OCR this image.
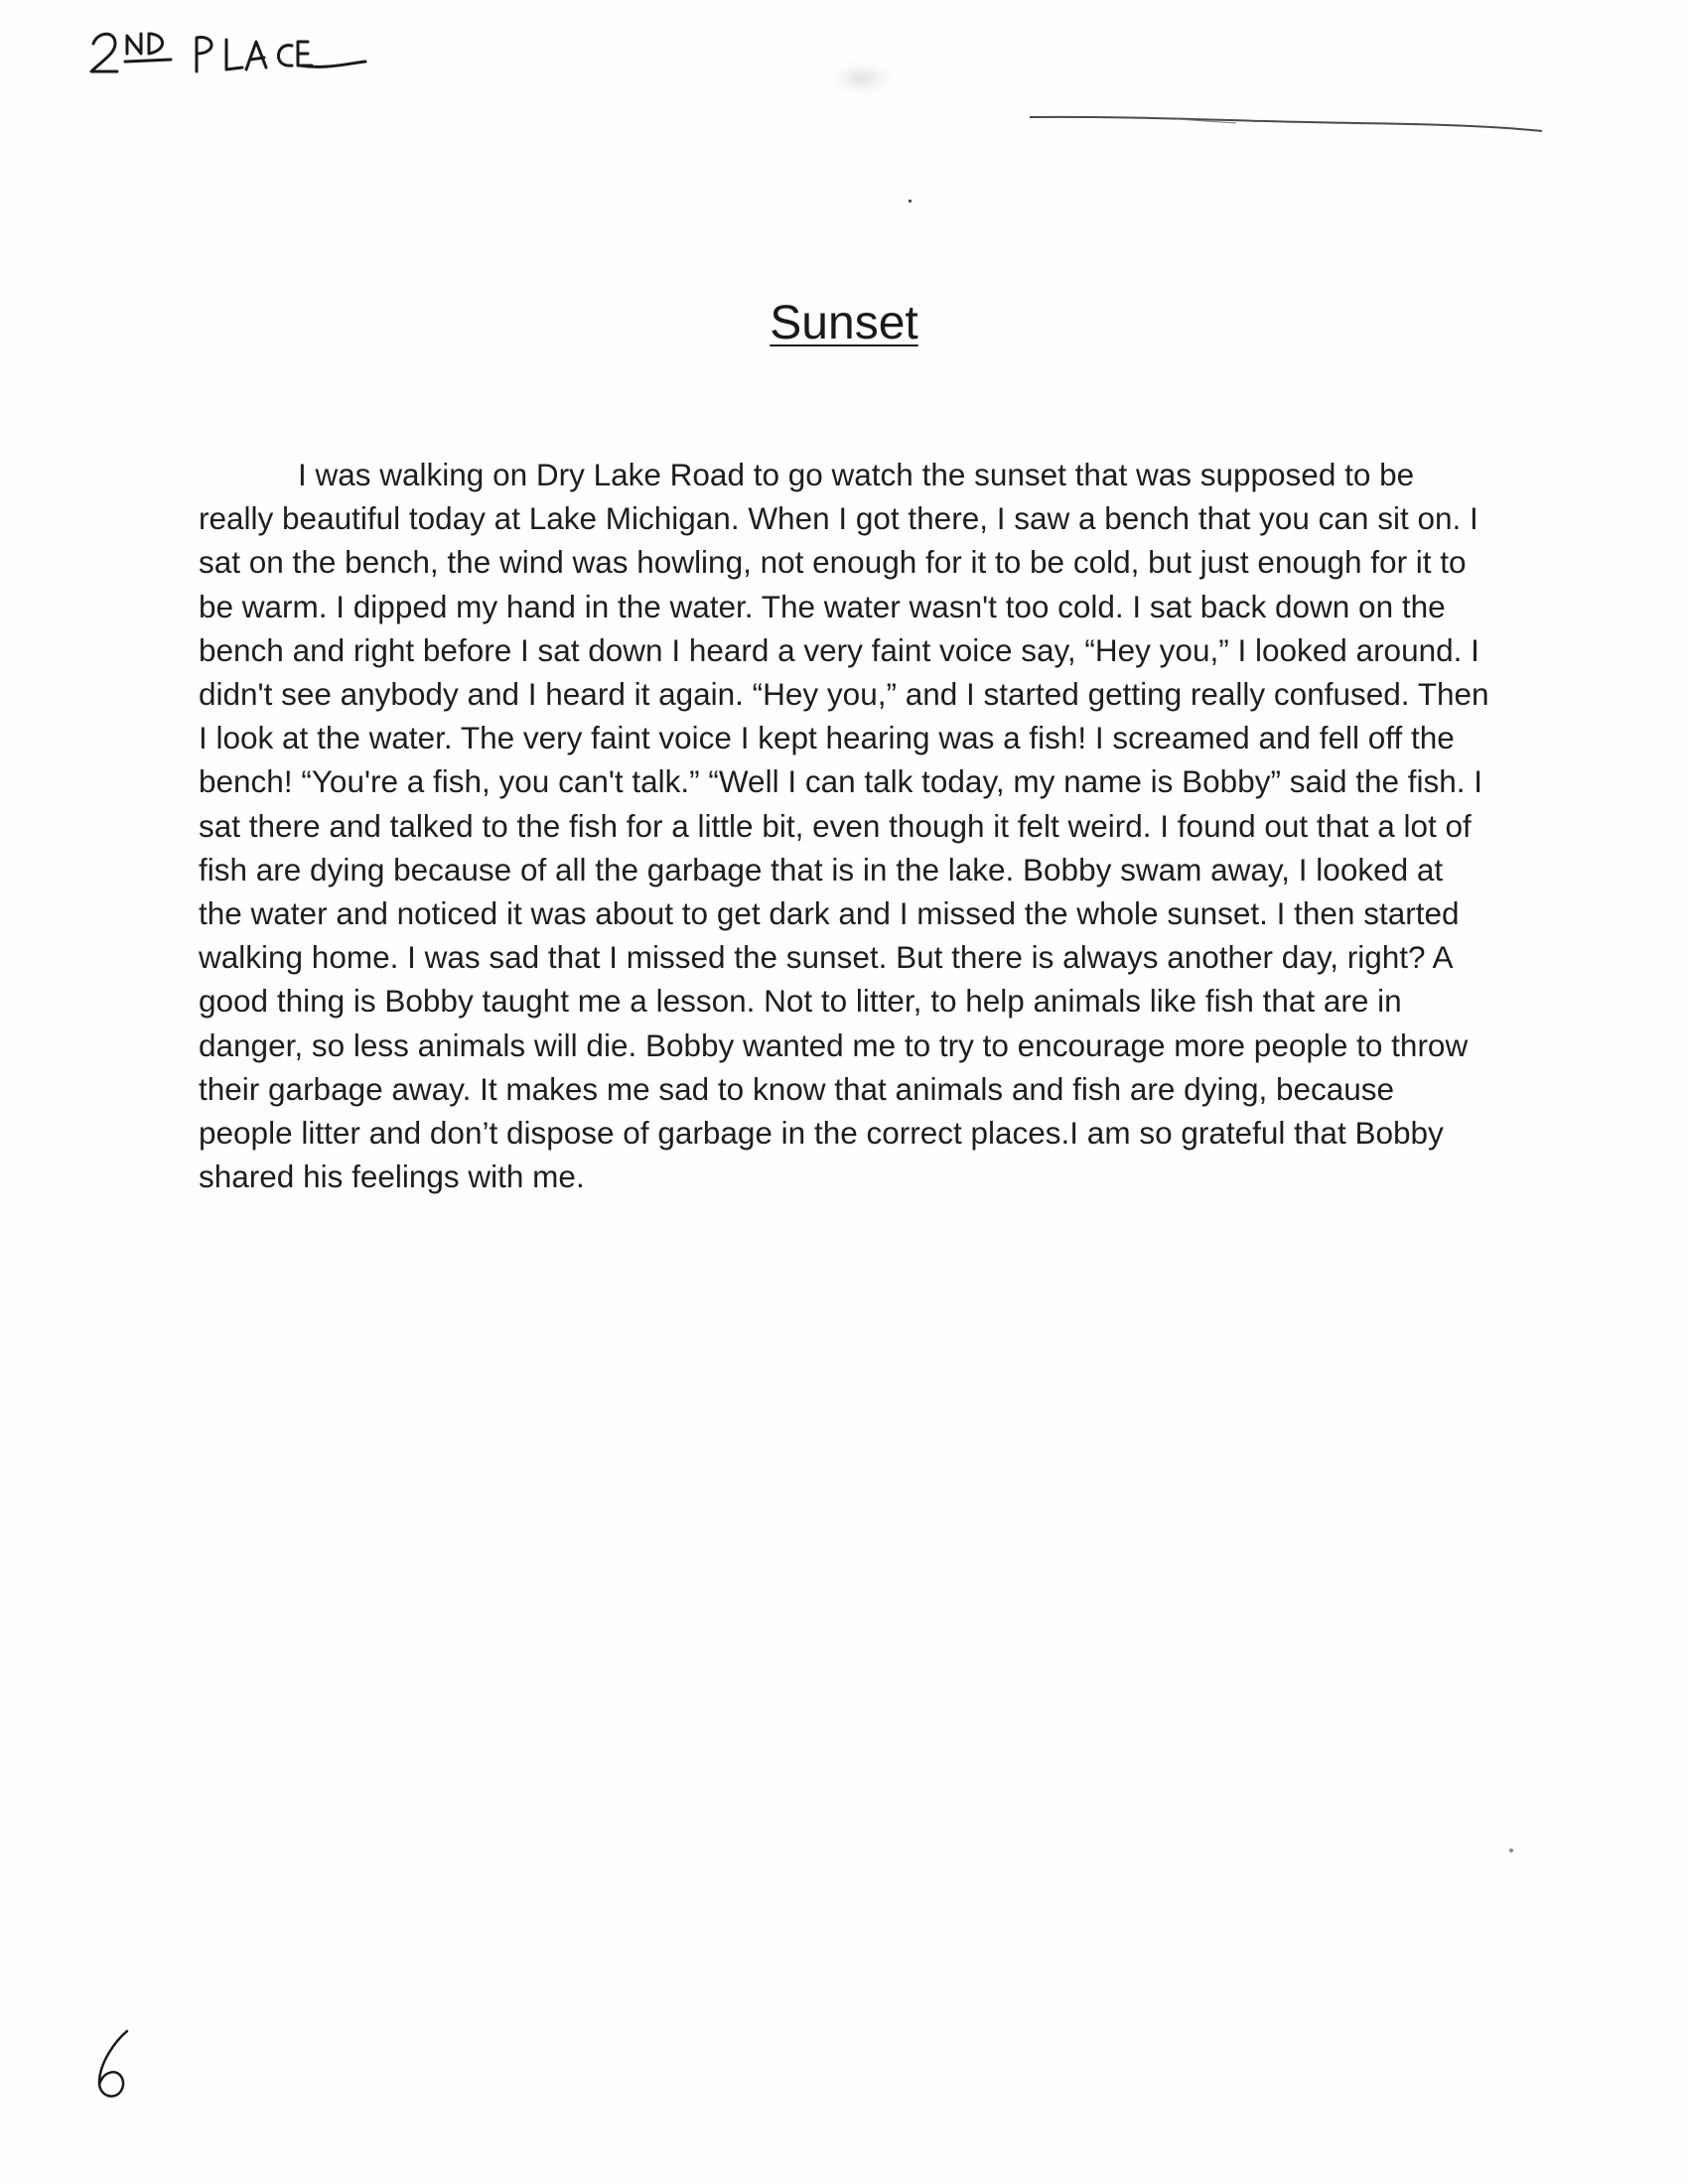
Sunset

I was walking on Dry Lake Road to go watch the sunset that was supposed to be really beautiful today at Lake Michigan. When I got there, I saw a bench that you can sit on. I sat on the bench, the wind was howling, not enough for it to be cold, but just enough for it to be warm. I dipped my hand in the water. The water wasn't too cold. I sat back down on the bench and right before I sat down I heard a very faint voice say, “Hey you,” I looked around. I didn't see anybody and I heard it again. “Hey you,” and I started getting really confused. Then I look at the water. The very faint voice I kept hearing was a fish! I screamed and fell off the bench! “You're a fish, you can't talk.” “Well I can talk today, my name is Bobby” said the fish. I sat there and talked to the fish for a little bit, even though it felt weird. I found out that a lot of fish are dying because of all the garbage that is in the lake. Bobby swam away, I looked at the water and noticed it was about to get dark and I missed the whole sunset. I then started walking home. I was sad that I missed the sunset. But there is always another day, right? A good thing is Bobby taught me a lesson. Not to litter, to help animals like fish that are in danger, so less animals will die. Bobby wanted me to try to encourage more people to throw their garbage away. It makes me sad to know that animals and fish are dying, because people litter and don’t dispose of garbage in the correct places.I am so grateful that Bobby shared his feelings with me.
